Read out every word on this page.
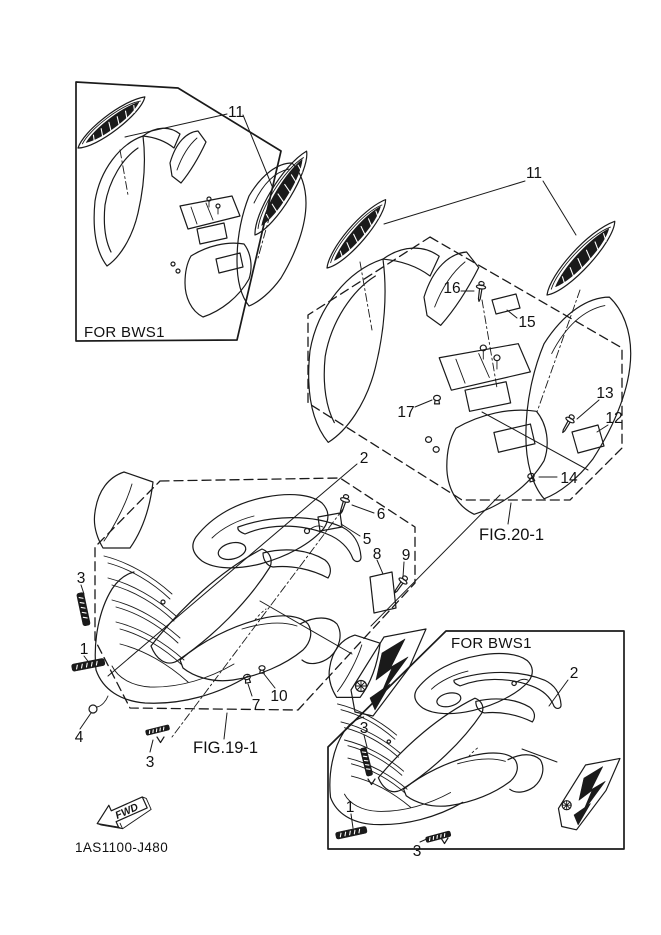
11
FOR BWS1
11
16
15
17
13
12
14
FIG.20-1
2
6
5
8 9
3
1
4
7
10
3
FIG.19-1
2
3
1
3
FOR BWS1
FWD
1AS1100-J480
